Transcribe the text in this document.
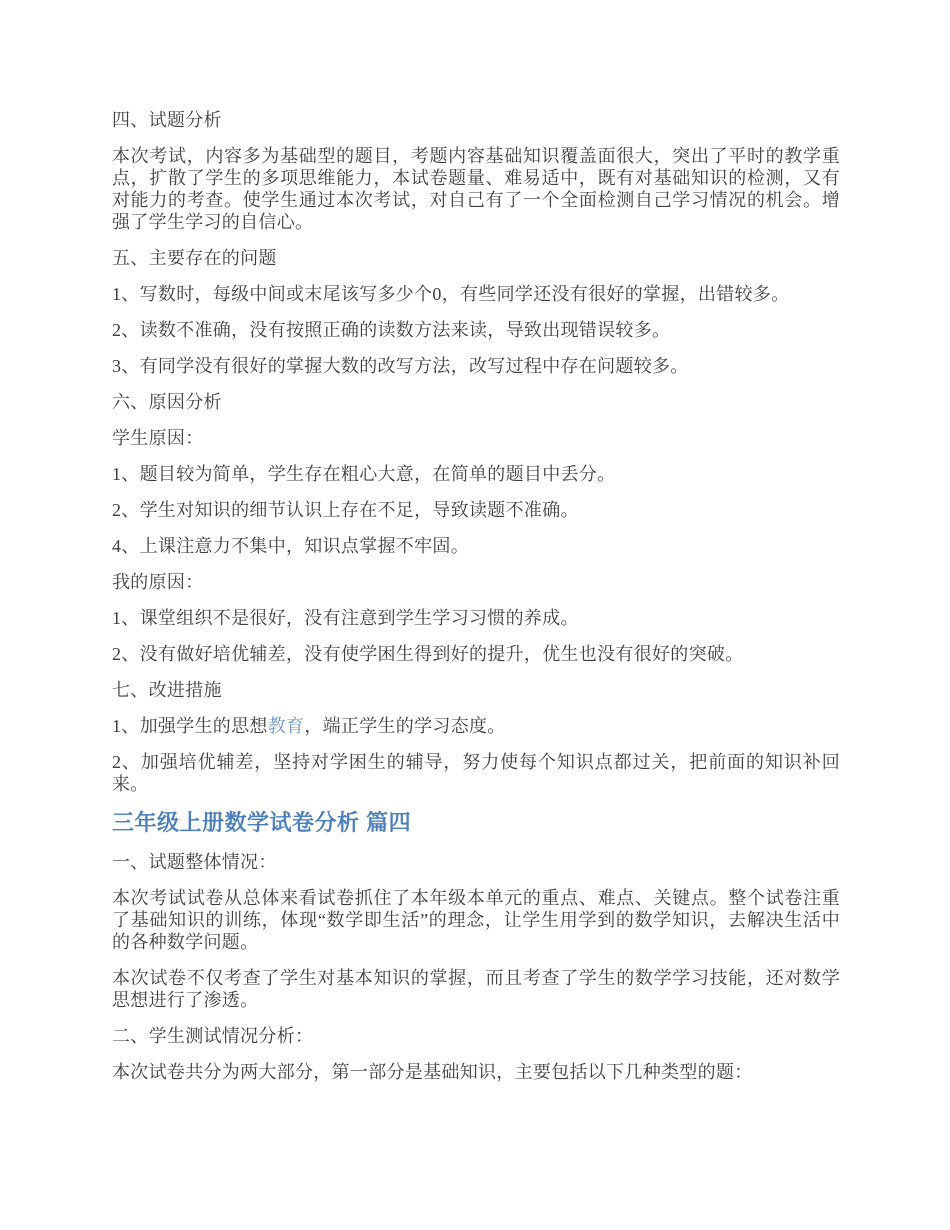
四、试题分析

本次考试，内容多为基础型的题目，考题内容基础知识覆盖面很大，突出了平时的教学重点，扩散了学生的多项思维能力，本试卷题量、难易适中，既有对基础知识的检测，又有对能力的考查。使学生通过本次考试，对自己有了一个全面检测自己学习情况的机会。增强了学生学习的自信心。

五、主要存在的问题

1、写数时，每级中间或末尾该写多少个0，有些同学还没有很好的掌握，出错较多。

2、读数不准确，没有按照正确的读数方法来读，导致出现错误较多。

3、有同学没有很好的掌握大数的改写方法，改写过程中存在问题较多。

六、原因分析

学生原因：

1、题目较为简单，学生存在粗心大意，在简单的题目中丢分。

2、学生对知识的细节认识上存在不足，导致读题不准确。

4、上课注意力不集中，知识点掌握不牢固。

我的原因：

1、课堂组织不是很好，没有注意到学生学习习惯的养成。

2、没有做好培优辅差，没有使学困生得到好的提升，优生也没有很好的突破。

七、改进措施

1、加强学生的思想教育，端正学生的学习态度。

2、加强培优辅差，坚持对学困生的辅导，努力使每个知识点都过关，把前面的知识补回来。

三年级上册数学试卷分析 篇四

一、试题整体情况：

本次考试试卷从总体来看试卷抓住了本年级本单元的重点、难点、关键点。整个试卷注重了基础知识的训练，体现“数学即生活”的理念，让学生用学到的数学知识，去解决生活中的各种数学问题。

本次试卷不仅考查了学生对基本知识的掌握，而且考查了学生的数学学习技能，还对数学思想进行了渗透。

二、学生测试情况分析：

本次试卷共分为两大部分，第一部分是基础知识，主要包括以下几种类型的题：
